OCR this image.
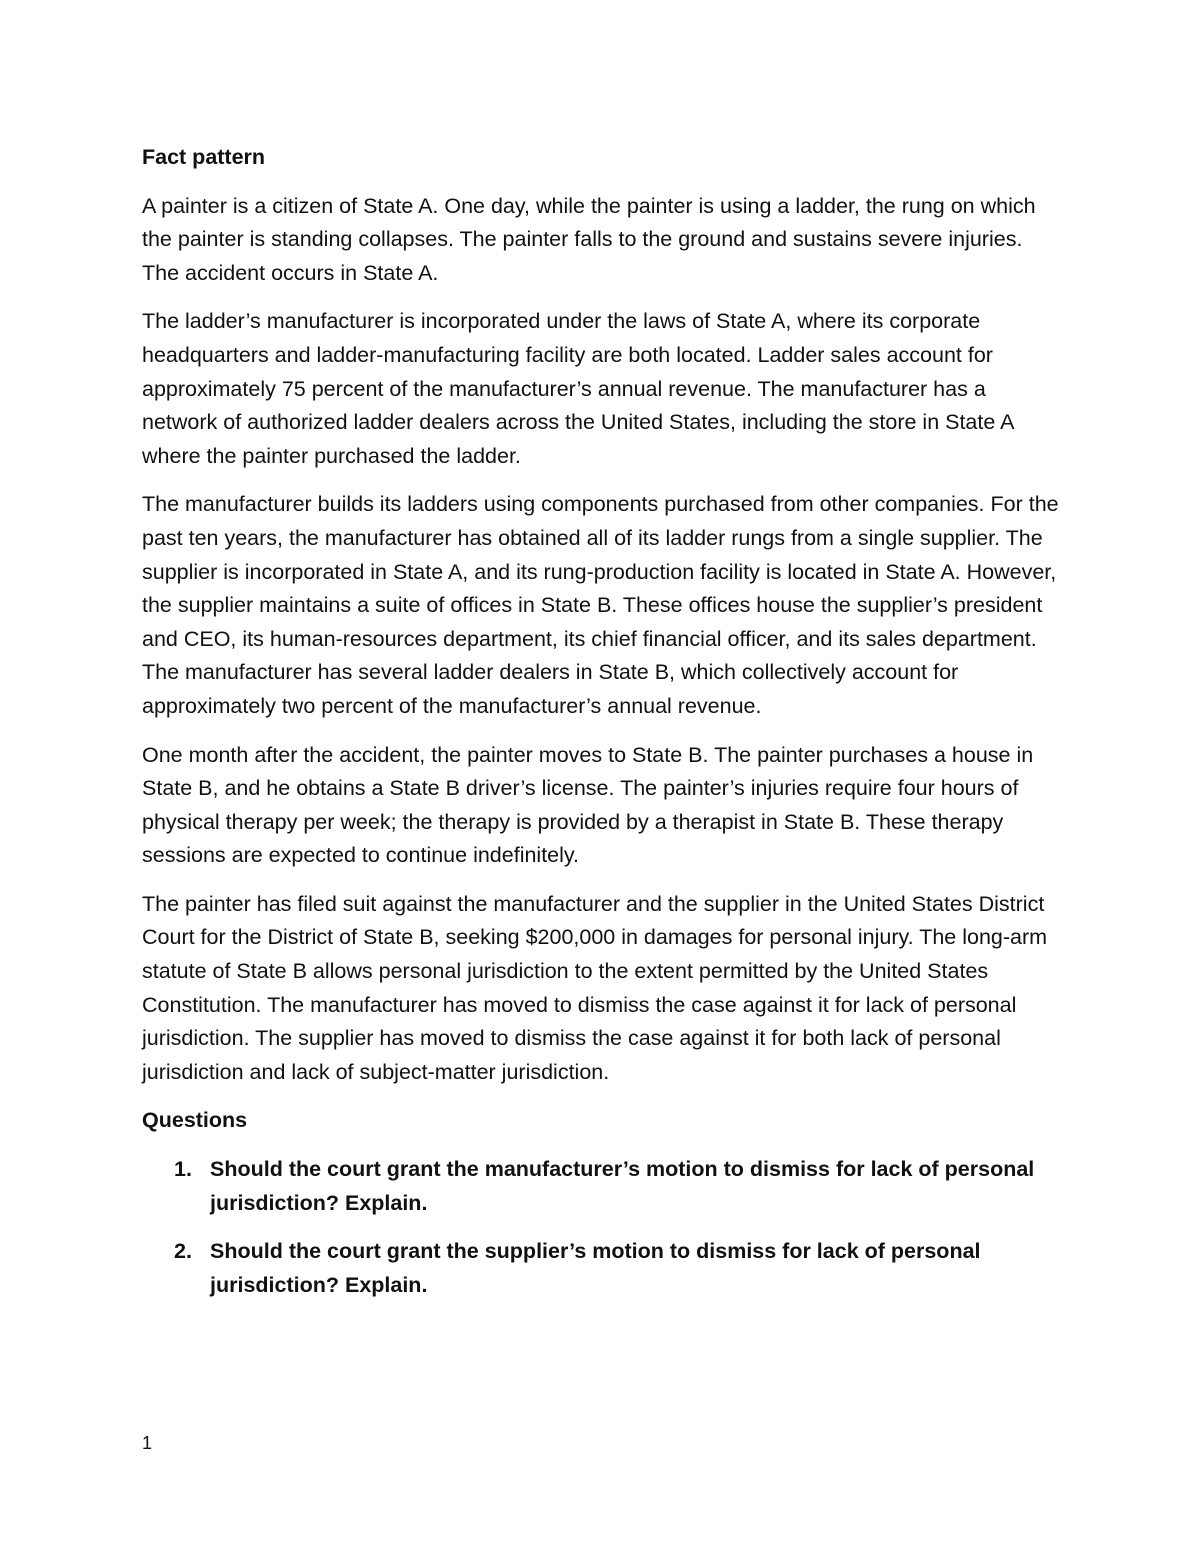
Fact pattern

A painter is a citizen of State A. One day, while the painter is using a ladder, the rung on which the painter is standing collapses. The painter falls to the ground and sustains severe injuries. The accident occurs in State A.

The ladder’s manufacturer is incorporated under the laws of State A, where its corporate headquarters and ladder-manufacturing facility are both located. Ladder sales account for approximately 75 percent of the manufacturer’s annual revenue. The manufacturer has a network of authorized ladder dealers across the United States, including the store in State A where the painter purchased the ladder.

The manufacturer builds its ladders using components purchased from other companies. For the past ten years, the manufacturer has obtained all of its ladder rungs from a single supplier. The supplier is incorporated in State A, and its rung-production facility is located in State A. However, the supplier maintains a suite of offices in State B. These offices house the supplier’s president and CEO, its human-resources department, its chief financial officer, and its sales department. The manufacturer has several ladder dealers in State B, which collectively account for approximately two percent of the manufacturer’s annual revenue.

One month after the accident, the painter moves to State B. The painter purchases a house in State B, and he obtains a State B driver’s license. The painter’s injuries require four hours of physical therapy per week; the therapy is provided by a therapist in State B. These therapy sessions are expected to continue indefinitely.

The painter has filed suit against the manufacturer and the supplier in the United States District Court for the District of State B, seeking $200,000 in damages for personal injury. The long-arm statute of State B allows personal jurisdiction to the extent permitted by the United States Constitution. The manufacturer has moved to dismiss the case against it for lack of personal jurisdiction. The supplier has moved to dismiss the case against it for both lack of personal jurisdiction and lack of subject-matter jurisdiction.

Questions
1. Should the court grant the manufacturer’s motion to dismiss for lack of personal jurisdiction? Explain.
2. Should the court grant the supplier’s motion to dismiss for lack of personal jurisdiction? Explain.
1
